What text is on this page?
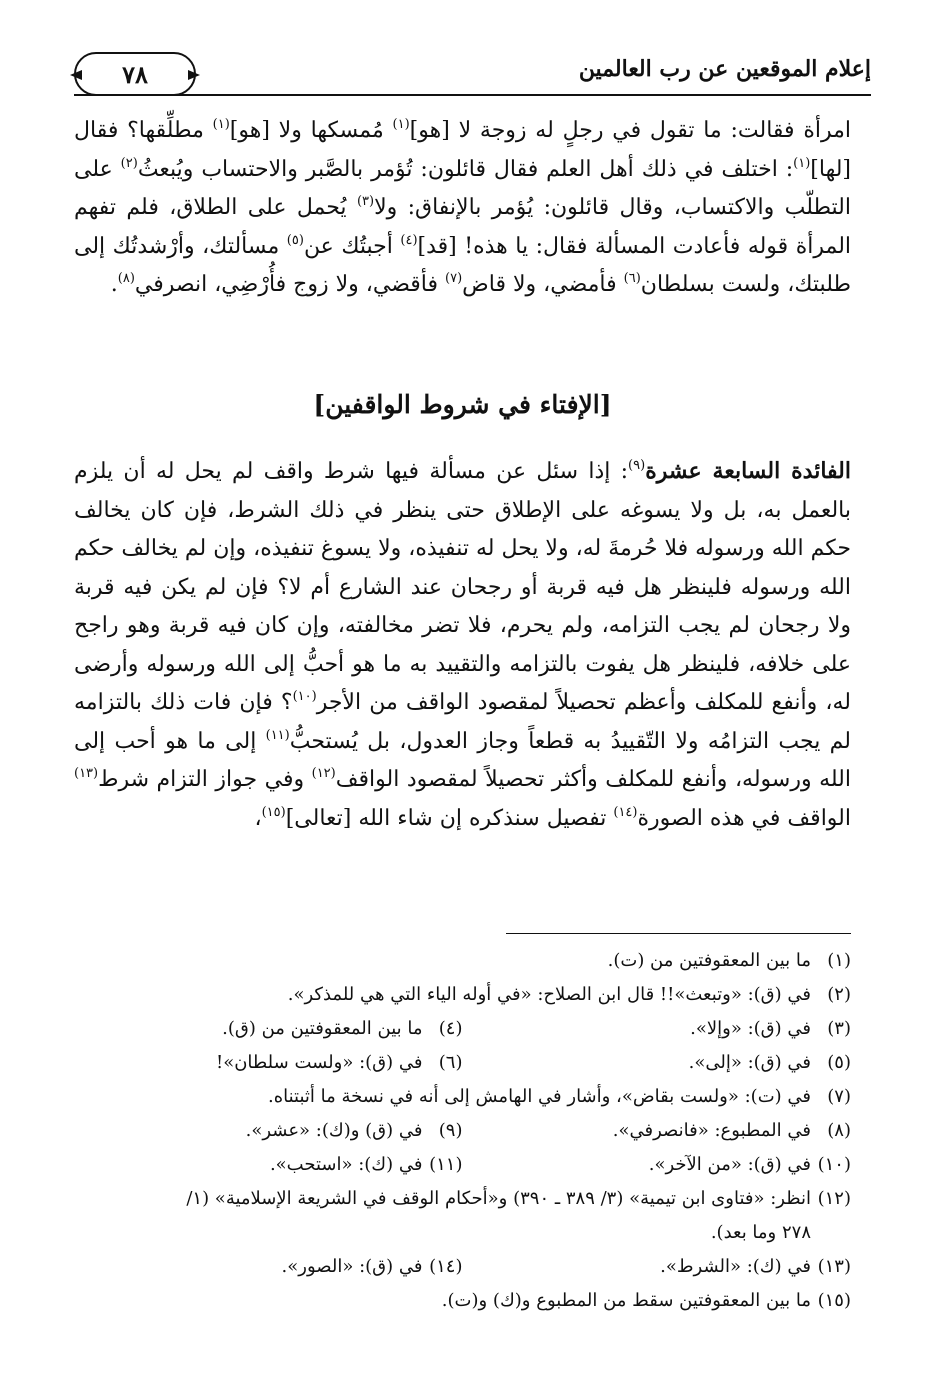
٧٨	إعلام الموقعين عن رب العالمين

امرأة فقالت: ما تقول في رجلٍ له زوجة لا [هو]$^{(١)}$ مُمسكها ولا [هو]$^{(١)}$ مطلِّقها؟ فقال [لها]$^{(١)}$: اختلف في ذلك أهل العلم فقال قائلون: تُؤمر بالصَّبر والاحتساب ويُبعثُ$^{(٢)}$ على التطلّب والاكتساب، وقال قائلون: يُؤمر بالإنفاق: ولا$^{(٣)}$ يُحمل على الطلاق، فلم تفهم المرأة قوله فأعادت المسألة فقال: يا هذه! [قد]$^{(٤)}$ أجبتُك عن$^{(٥)}$ مسألتك، وأرْشدتُك إلى طلبتك، ولست بسلطان$^{(٦)}$ فأمضي، ولا قاض$^{(٧)}$ فأقضي، ولا زوج فأُرْضِي، انصرفي$^{(٨)}$.

[الإفتاء في شروط الواقفين]

الفائدة السابعة عشرة$^{(٩)}$: إذا سئل عن مسألة فيها شرط واقف لم يحل له أن يلزم بالعمل به، بل ولا يسوغه على الإطلاق حتى ينظر في ذلك الشرط، فإن كان يخالف حكم الله ورسوله فلا حُرمةَ له، ولا يحل له تنفيذه، ولا يسوغ تنفيذه، وإن لم يخالف حكم الله ورسوله فلينظر هل فيه قربة أو رجحان عند الشارع أم لا؟ فإن لم يكن فيه قربة ولا رجحان لم يجب التزامه، ولم يحرم، فلا تضر مخالفته، وإن كان فيه قربة وهو راجح على خلافه، فلينظر هل يفوت بالتزامه والتقييد به ما هو أحبُّ إلى الله ورسوله وأرضى له، وأنفع للمكلف وأعظم تحصيلاً لمقصود الواقف من الأجر$^{(١٠)}$؟ فإن فات ذلك بالتزامه لم يجب التزامُه ولا التّقييدُ به قطعاً وجاز العدول، بل يُستحبُّ$^{(١١)}$ إلى ما هو أحب إلى الله ورسوله، وأنفع للمكلف وأكثر تحصيلاً لمقصود الواقف$^{(١٢)}$ وفي جواز التزام شرط$^{(١٣)}$ الواقف في هذه الصورة$^{(١٤)}$ تفصيل سنذكره إن شاء الله [تعالى]$^{(١٥)}$،

(١)
ما بين المعقوفتين من (ت).
(٢)
في (ق): «وتبعث»!! قال ابن الصلاح: «في أوله الياء التي هي للمذكر».
(٣)
في (ق): «وإلا».
(٤)
ما بين المعقوفتين من (ق).
(٥)
في (ق): «إلى».
(٦)
في (ق): «ولست سلطان»!
(٧)
في (ت): «ولست بقاض»، وأشار في الهامش إلى أنه في نسخة ما أثبتناه.
(٨)
في المطبوع: «فانصرفي».
(٩)
في (ق) و(ك): «عشر».
(١٠)
في (ق): «من الآخر».
(١١)
في (ك): «استحب».
(١٢)
انظر: «فتاوى ابن تيمية» (٣/ ٣٨٩ ـ ٣٩٠) و«أحكام الوقف في الشريعة الإسلامية» (١/
٢٧٨ وما بعد).
(١٣)
في (ك): «الشرط».
(١٤)
في (ق): «الصور».
(١٥)
ما بين المعقوفتين سقط من المطبوع و(ك) و(ت).
